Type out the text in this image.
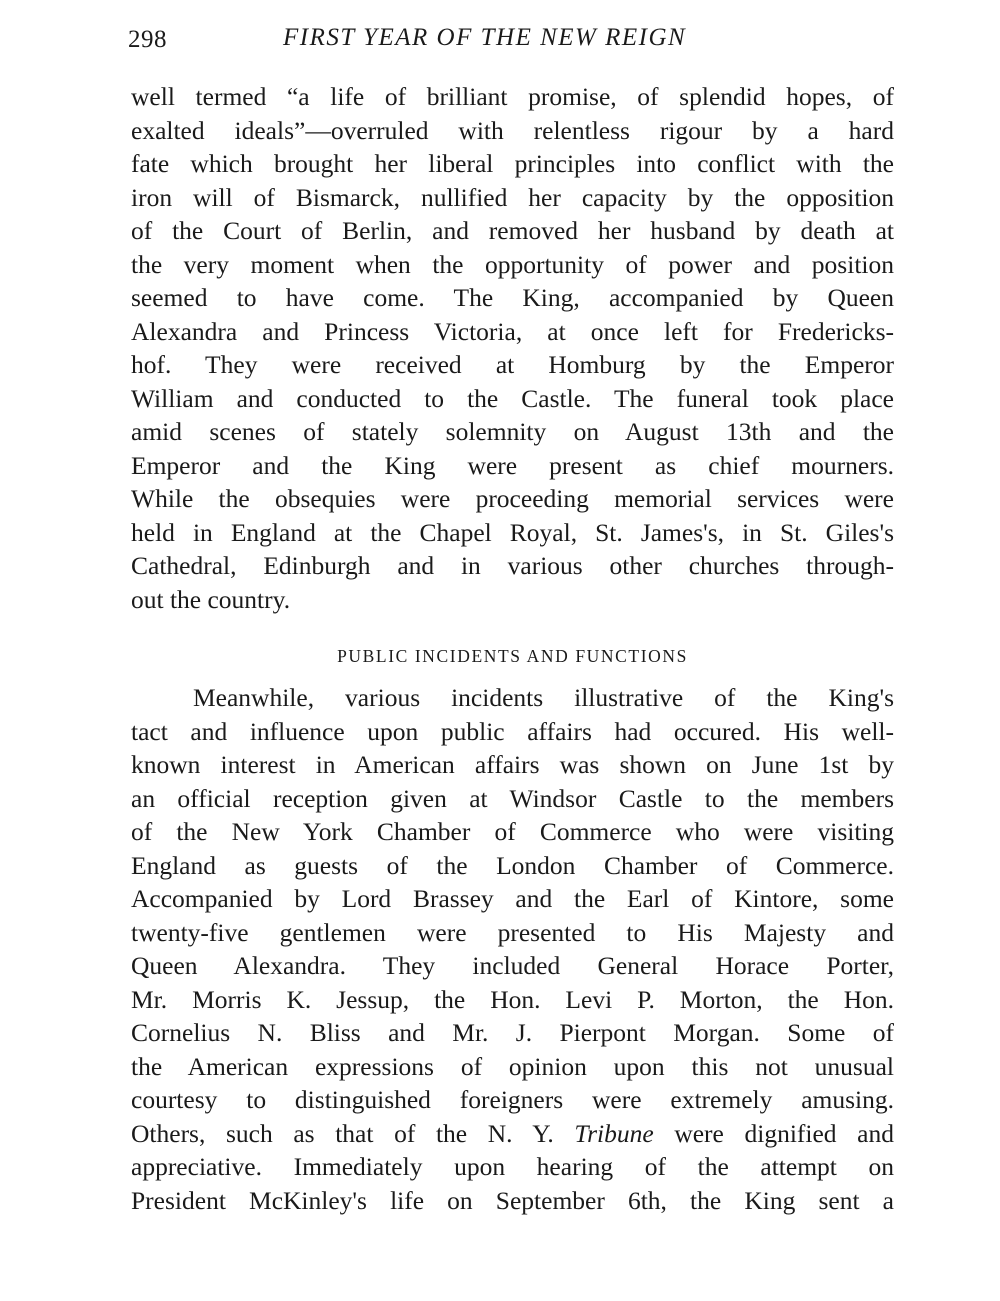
298	FIRST YEAR OF THE NEW REIGN
well termed “a life of brilliant promise, of splendid hopes, of
exalted ideals”—overruled with relentless rigour by a hard
fate which brought her liberal principles into conflict with the
iron will of Bismarck, nullified her capacity by the opposition
of the Court of Berlin, and removed her husband by death at
the very moment when the opportunity of power and position
seemed to have come. The King, accompanied by Queen
Alexandra and Princess Victoria, at once left for Fredericks-
hof. They were received at Homburg by the Emperor
William and conducted to the Castle. The funeral took place
amid scenes of stately solemnity on August 13th and the
Emperor and the King were present as chief mourners.
While the obsequies were proceeding memorial services were
held in England at the Chapel Royal, St. James's, in St. Giles's
Cathedral, Edinburgh and in various other churches through-
out the country.
PUBLIC INCIDENTS AND FUNCTIONS
Meanwhile, various incidents illustrative of the King's
tact and influence upon public affairs had occured. His well-
known interest in American affairs was shown on June 1st by
an official reception given at Windsor Castle to the members
of the New York Chamber of Commerce who were visiting
England as guests of the London Chamber of Commerce.
Accompanied by Lord Brassey and the Earl of Kintore, some
twenty-five gentlemen were presented to His Majesty and
Queen Alexandra. They included General Horace Porter,
Mr. Morris K. Jessup, the Hon. Levi P. Morton, the Hon.
Cornelius N. Bliss and Mr. J. Pierpont Morgan. Some of
the American expressions of opinion upon this not unusual
courtesy to distinguished foreigners were extremely amusing.
Others, such as that of the N. Y. Tribune were dignified and
appreciative. Immediately upon hearing of the attempt on
President McKinley's life on September 6th, the King sent a
